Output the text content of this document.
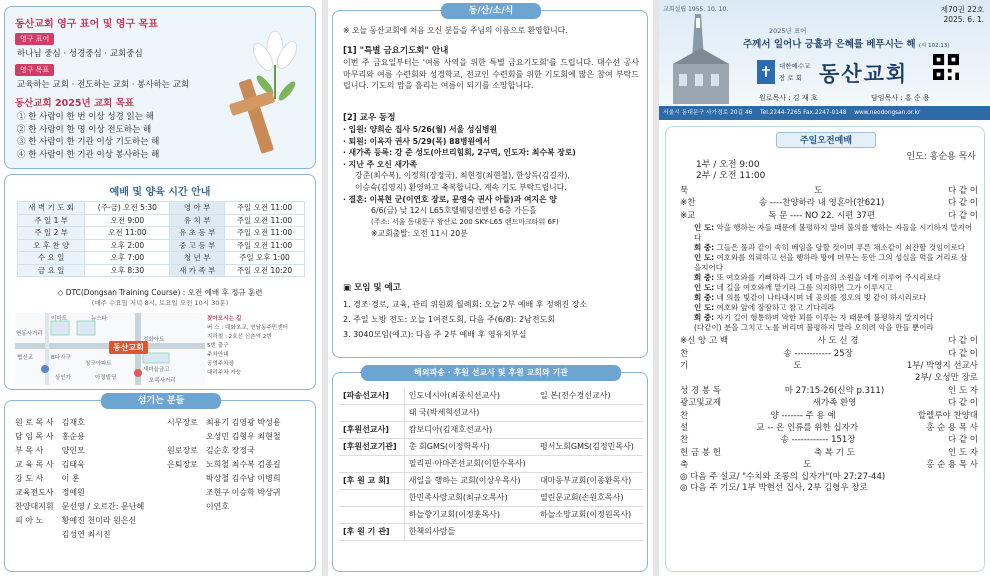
동산교회 영구 표어 및 영구 목표
영구 표어
하나님 중심 · 성경중심 · 교회중심
영구 목표
교육하는 교회 · 전도하는 교회 · 봉사하는 교회
동산교회 2025년 교회 목표
① 한 사람이 한 번 이상 성경 읽는 해
② 한 사람이 한 명 이상 전도하는 해
③ 한 사람이 한 기관 이상 기도하는 해
④ 한 사람이 한 기관 이상 봉사하는 해
예배 및 양육 시간 안내
새 벽 기 도 회	(주-금) 오전 5:30	영 아 부	주일 오전 11:00
주 일 1 부	오전 9:00	유 치 부	주일 오전 11:00
주 일 2 부	오전 11:00	유 초 등 부	주일 오전 11:00
오 후 찬 양	오후 2:00	중 고 등 부	주일 오전 11:00
수 요 일	오후 7:00	청 년 부	주일 오후 1:00
금 요 일	오후 8:30	새 가 족 부	주일 오전 10:20
◇ DTC(Dongsan Training Course) : 오전 예배 후 정규 훈련
(매주 수요일 저녁 8시, 토요일 오전 10시 30분)
동산교회
연동사거리
이마트	뉴스타
정화아트
B다가구
협신교
새마을금고
청구아파트
상인가	아정빌딩	오목사거리
찾아오시는 길
버 스 : 대화초교, 연남동주민센터
지하철 : 2호선 신촌역 2번
5번 출구
주차안내
공영주차장
대리주차 가능
섬기는 분들
원 로 목 사	김재호
담 임 목 사	홍순용
부 목 사	양인모
교 육 목 사	김태욱
강 도 사	이 훈
교육전도사	정예원
찬양대지휘	문선영 / 오르간: 문난혜
피 아 노	황예진 천미라 원은신
	김성연 최시진
시무장로	최용기 김영광 박성용
	오성민 김형우 최현철
원로장로	김순호 장정국
은퇴장로	노희철 최수복 김종길
	박상철 김수남 이병희
	조현구 이승학 박상귀
	이연호
동/산/소/식
※ 오늘 동산교회에 처음 오신 분들을 주님의 이름으로 환영합니다.
[1] "특별 금요기도회" 안내
이번 주 금요일부터는 '여름 사역을 위한 특별 금요기도회'를 드립니다. 대수선 공사 마무리와 여름 수련회와 성경학교, 전교인 수련회를 위한 기도회에 많은 참여 부탁드립니다. 기도의 맘을 흘리는 여름이 되기를 소망합니다.
[2] 교우 동정
· 입원: 양희순 집사 5/26(월) 서울 성심병원
· 퇴원: 이옥자 권사 5/29(목) 88병원에서
· 새가족 등록: 강 준 성도(아브리힘회, 2구역, 인도자: 최수복 장로)
· 지난 주 오신 새가족
강준(최수복), 이정희(장정국), 최현정(최현철), 한상득(김길자),
이승숙(김영지) 환영하고 축복합니다. 계속 기도 부탁드립니다.
· 결혼: 이복현 군(이연호 장로, 문영숙 권사 아들)과 여지은 양
6/6(금) 낮 12시 L65호텔웨딩컨벤션 6층 가든홀
(주소: 서울 동대문구 왕산로 200 SKY-L65 랜드마크타워 6F)
※교회출발: 오전 11시 20분
▣ 모임 및 예고
1. 경조·경로, 교육, 관리 위원회 월례회: 오늘 2부 예배 후 정해진 장소
2. 주일 노방 전도: 오늘 1여전도회, 다음 주(6/8): 2남전도회
3. 3040모임(예고): 다음 주 2부 예배 후 영유치부실
해외파송 · 후원 선교사 및 후원 교회와 기관
[파송선교사]	인도네시아(최종식선교사)	일 본(전수경선교사)
	태 국(박세혁선교사)	
[후원선교사]	캄보디아(김재호선교사)	
[후원선교기관]	총 회GMS(이정학목사)	평서노회GMS(김정민목사)
	필리핀·아마존선교회(이한수목사)	
[후 원 교 회]	새일을 행하는 교회(이상우목사)	대마동부교회(이종환목사)
	한민족사랑교회(최규오목사)	열린문교회(손원호목사)
	하늘향기교회(이정훈목사)	하늘소망교회(이정원목사)
[후 원 기 관]	한책의사람들	
교회설립 1955. 10. 10.	제70권 22호
2025. 6. 1.
2025년 표어
주께서 일어나 긍휼과 은혜를 베푸시는 해 (시 102:13)
✝	대한예수교
장 로 회 동산교회
원로목사 : 김 재 호	담임목사 : 홍 순 용
서울시 동대문구 사가정로 20길 46 Tel.2244-7265 Fax.2247-0148 www.neodongsan.or.kr
주일오전예배
인도: 홍순용 목사
1부 / 오전 9:00
2부 / 오전 11:00
묵	도	다 같 이
※찬	송 ----찬양하라 내 영혼아(찬621)	다 같 이
※교	독 문 ---- NO 22. 시편 37편	다 같 이
인 도: 악을 행하는 자들 때문에 불평하지 말며 불의를 행하는 자들을 시기하지 말지어다
회 중: 그들은 풀과 같이 속히 베임을 당할 것이며 푸른 채소같이 쇠잔할 것임이로다
인 도: 여호와를 의뢰하고 선을 행하라 땅에 머무는 동안 그의 성실을 먹을 거리로 삼을지어다
회 중: 또 여호와를 기뻐하라 그가 네 마음의 소원을 네게 이루어 주시리로다
인 도: 네 길을 여호와께 맡기라 그를 의지하면 그가 이루시고
회 중: 네 의를 빛같이 나타내시며 네 공의를 정오의 빛 같이 하시리로다
인 도: 여호와 앞에 잠잠하고 참고 기다리라
회 중: 자기 길이 형통하며 악한 꾀를 이루는 자 때문에 불평하지 말지어다
(다같이) 분을 그치고 노를 버리며 불평하지 말라 오히려 악을 만들 뿐이라
※신 앙 고 백	사 도 신 경	다 같 이
찬	송 ------------ 25장	다 같 이
기	도	1부/ 박영지 선교사
2부/ 오성만 장로
성 경 봉 독	마 27:15-26(신약 p.311)	인 도 자
광고및교제	새가족 환영	다 같 이
찬	양 ------- 주 용 예	할렐루야 찬양대
설	교 -- 온 인류를 위한 십자가	홍 순 용 목 사
찬	송 ------------ 151장	다 같 이
헌 금 봉 헌	축 복 기 도	인 도 자
축	도	홍 순 용 목 사
◎ 다음 주 설교/ "수치와 조롱의 십자가"(마 27:27-44)
◎ 다음 주 기도/ 1부 박현선 집사, 2부 김형우 장로
